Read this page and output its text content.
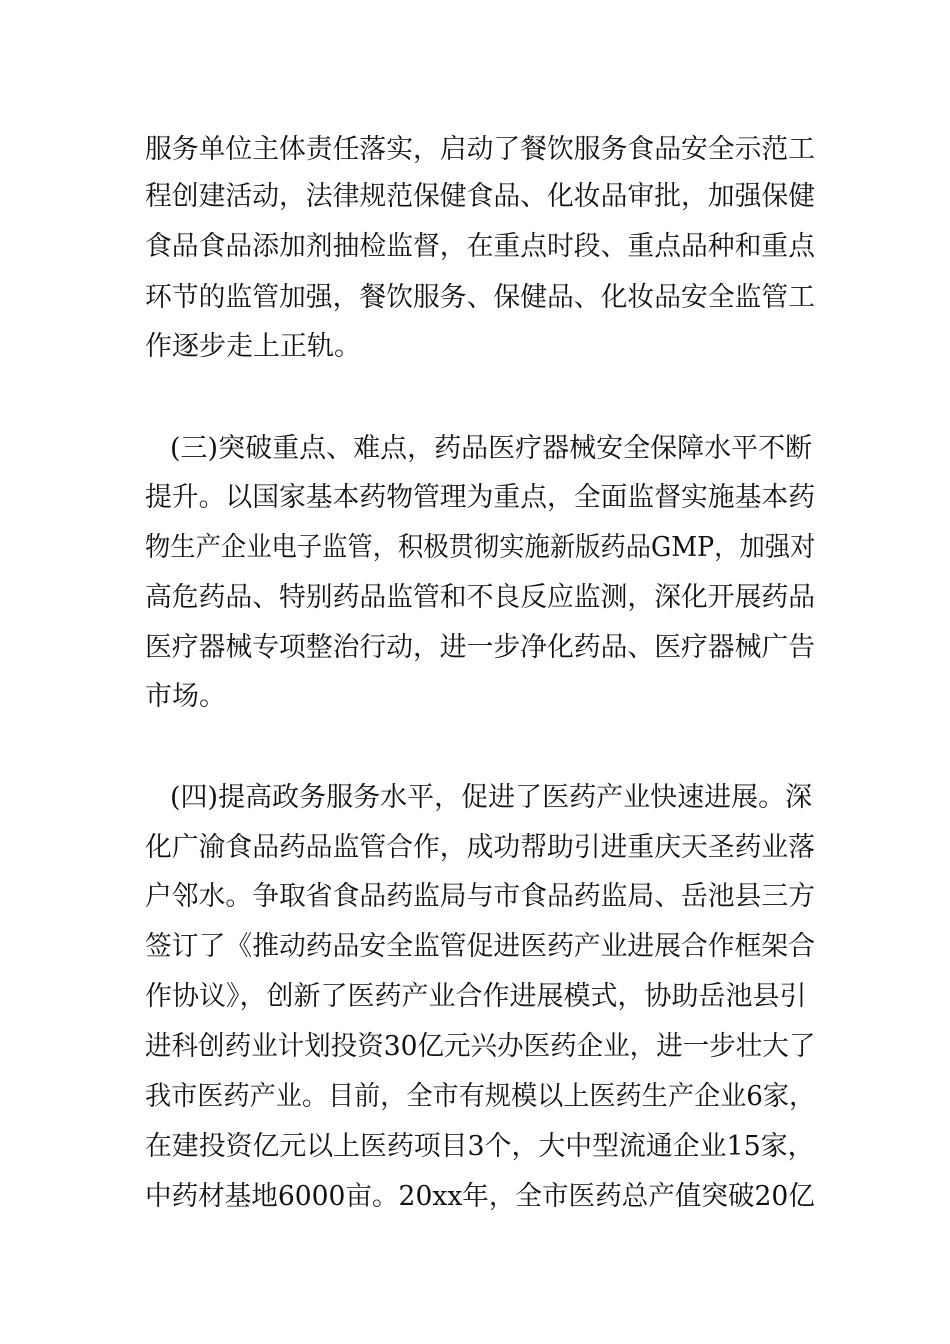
服务单位主体责任落实，启动了餐饮服务食品安全示范工
程创建活动，法律规范保健食品、化妆品审批，加强保健
食品食品添加剂抽检监督，在重点时段、重点品种和重点
环节的监管加强，餐饮服务、保健品、化妆品安全监管工
作逐步走上正轨。
(三)突破重点、难点，药品医疗器械安全保障水平不断
提升。以国家基本药物管理为重点，全面监督实施基本药
物生产企业电子监管，积极贯彻实施新版药品GMP，加强对
高危药品、特别药品监管和不良反应监测，深化开展药品
医疗器械专项整治行动，进一步净化药品、医疗器械广告
市场。
(四)提高政务服务水平，促进了医药产业快速进展。深
化广渝食品药品监管合作，成功帮助引进重庆天圣药业落
户邻水。争取省食品药监局与市食品药监局、岳池县三方
签订了《推动药品安全监管促进医药产业进展合作框架合
作协议》，创新了医药产业合作进展模式，协助岳池县引
进科创药业计划投资30亿元兴办医药企业，进一步壮大了
我市医药产业。目前，全市有规模以上医药生产企业6家，
在建投资亿元以上医药项目3个，大中型流通企业15家，
中药材基地6000亩。20xx年，全市医药总产值突破20亿
